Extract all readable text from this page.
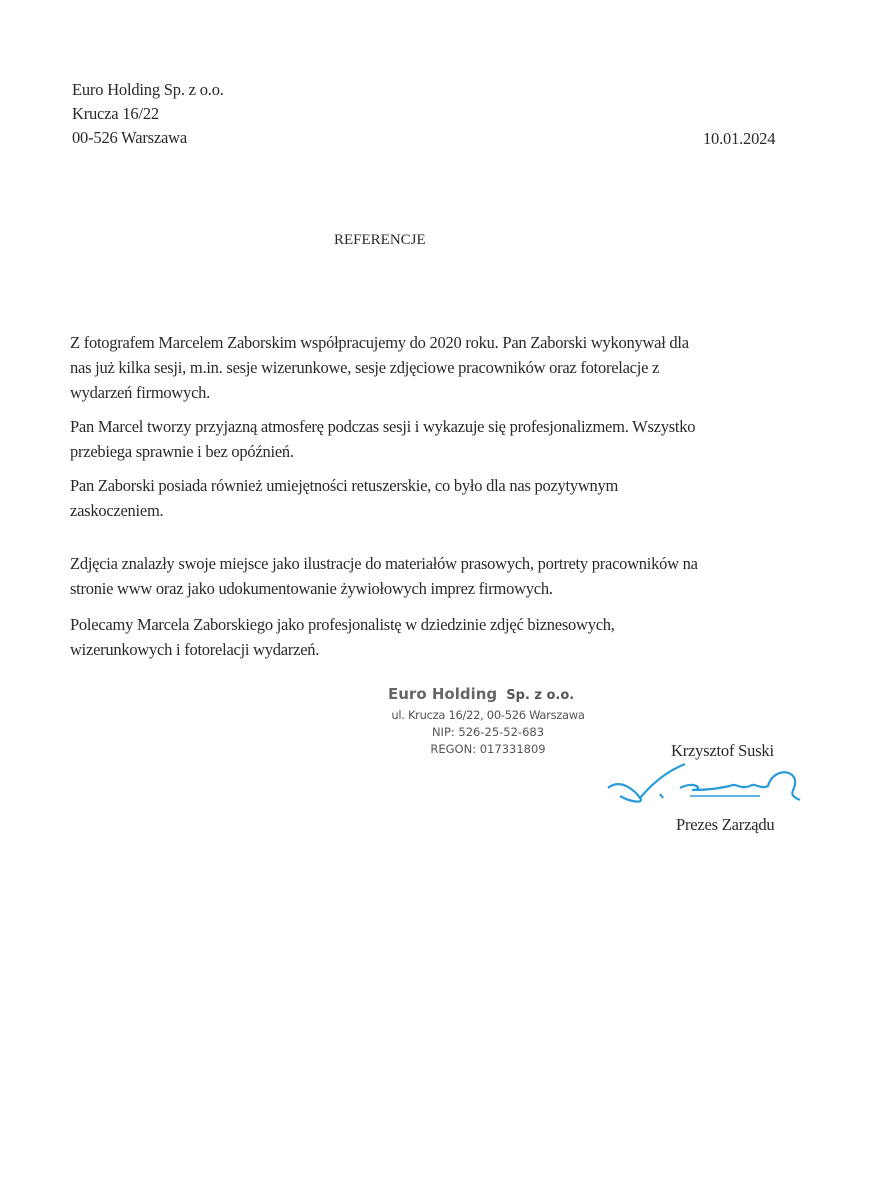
Euro Holding Sp. z o.o.
Krucza 16/22
00-526 Warszawa	10.01.2024
REFERENCJE
Z fotografem Marcelem Zaborskim współpracujemy do 2020 roku. Pan Zaborski wykonywał dla
nas już kilka sesji, m.in. sesje wizerunkowe, sesje zdjęciowe pracowników oraz fotorelacje z
wydarzeń firmowych.
Pan Marcel tworzy przyjazną atmosferę podczas sesji i wykazuje się profesjonalizmem. Wszystko
przebiega sprawnie i bez opóźnień.
Pan Zaborski posiada również umiejętności retuszerskie, co było dla nas pozytywnym
zaskoczeniem.
Zdjęcia znalazły swoje miejsce jako ilustracje do materiałów prasowych, portrety pracowników na
stronie www oraz jako udokumentowanie żywiołowych imprez firmowych.
Polecamy Marcela Zaborskiego jako profesjonalistę w dziedzinie zdjęć biznesowych,
wizerunkowych i fotorelacji wydarzeń.
Euro Holding Sp. z o.o.
ul. Krucza 16/22, 00-526 Warszawa
NIP: 526-25-52-683
REGON: 017331809	Krzysztof Suski
Prezes Zarządu
